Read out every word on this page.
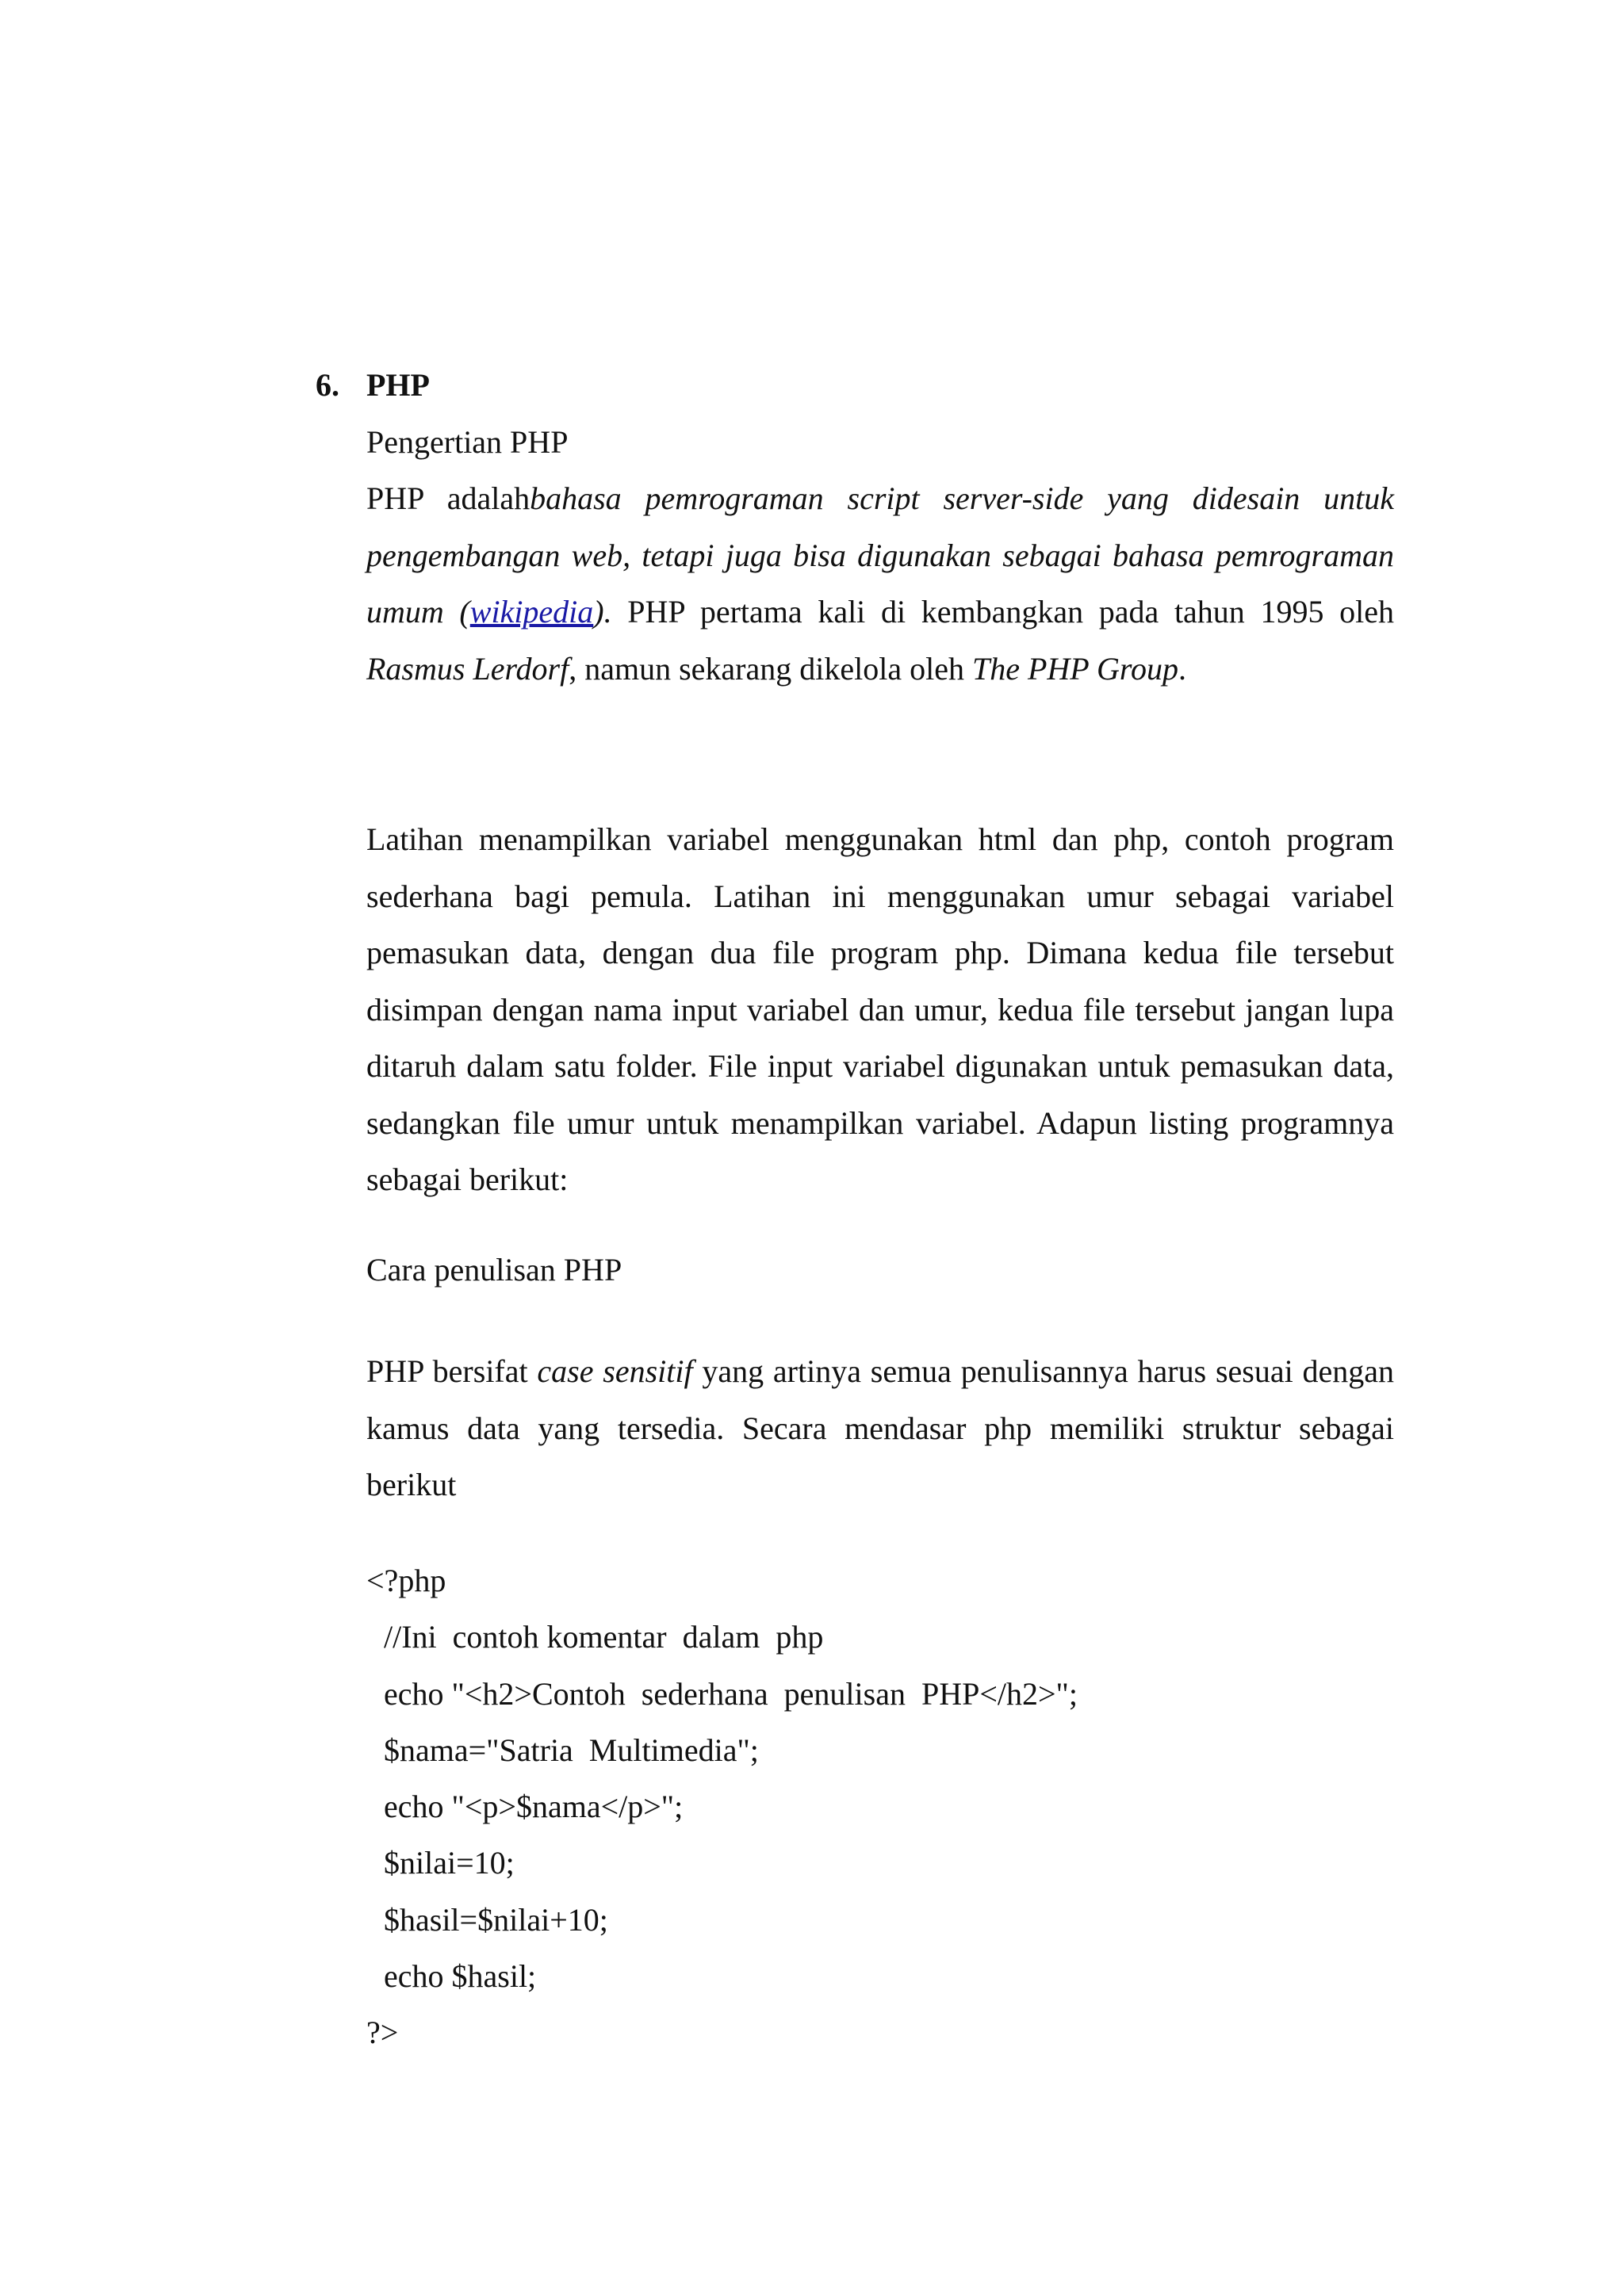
6. PHP
Pengertian PHP
PHP adalahbahasa pemrograman script server-side yang didesain untuk pengembangan web, tetapi juga bisa digunakan sebagai bahasa pemrograman umum (wikipedia). PHP pertama kali di kembangkan pada tahun 1995 oleh Rasmus Lerdorf, namun sekarang dikelola oleh The PHP Group.
Latihan menampilkan variabel menggunakan html dan php, contoh program sederhana bagi pemula. Latihan ini menggunakan umur sebagai variabel pemasukan data, dengan dua file program php. Dimana kedua file tersebut disimpan dengan nama input variabel dan umur, kedua file tersebut jangan lupa ditaruh dalam satu folder. File input variabel digunakan untuk pemasukan data, sedangkan file umur untuk menampilkan variabel. Adapun listing programnya sebagai berikut:
Cara penulisan PHP
PHP bersifat case sensitif yang artinya semua penulisannya harus sesuai dengan kamus data yang tersedia. Secara mendasar php memiliki struktur sebagai berikut
<?php
//Ini  contoh komentar  dalam  php
echo "<h2>Contoh  sederhana  penulisan  PHP</h2>";
$nama="Satria  Multimedia";
echo "<p>$nama</p>";
$nilai=10;
$hasil=$nilai+10;
echo $hasil;
?>
